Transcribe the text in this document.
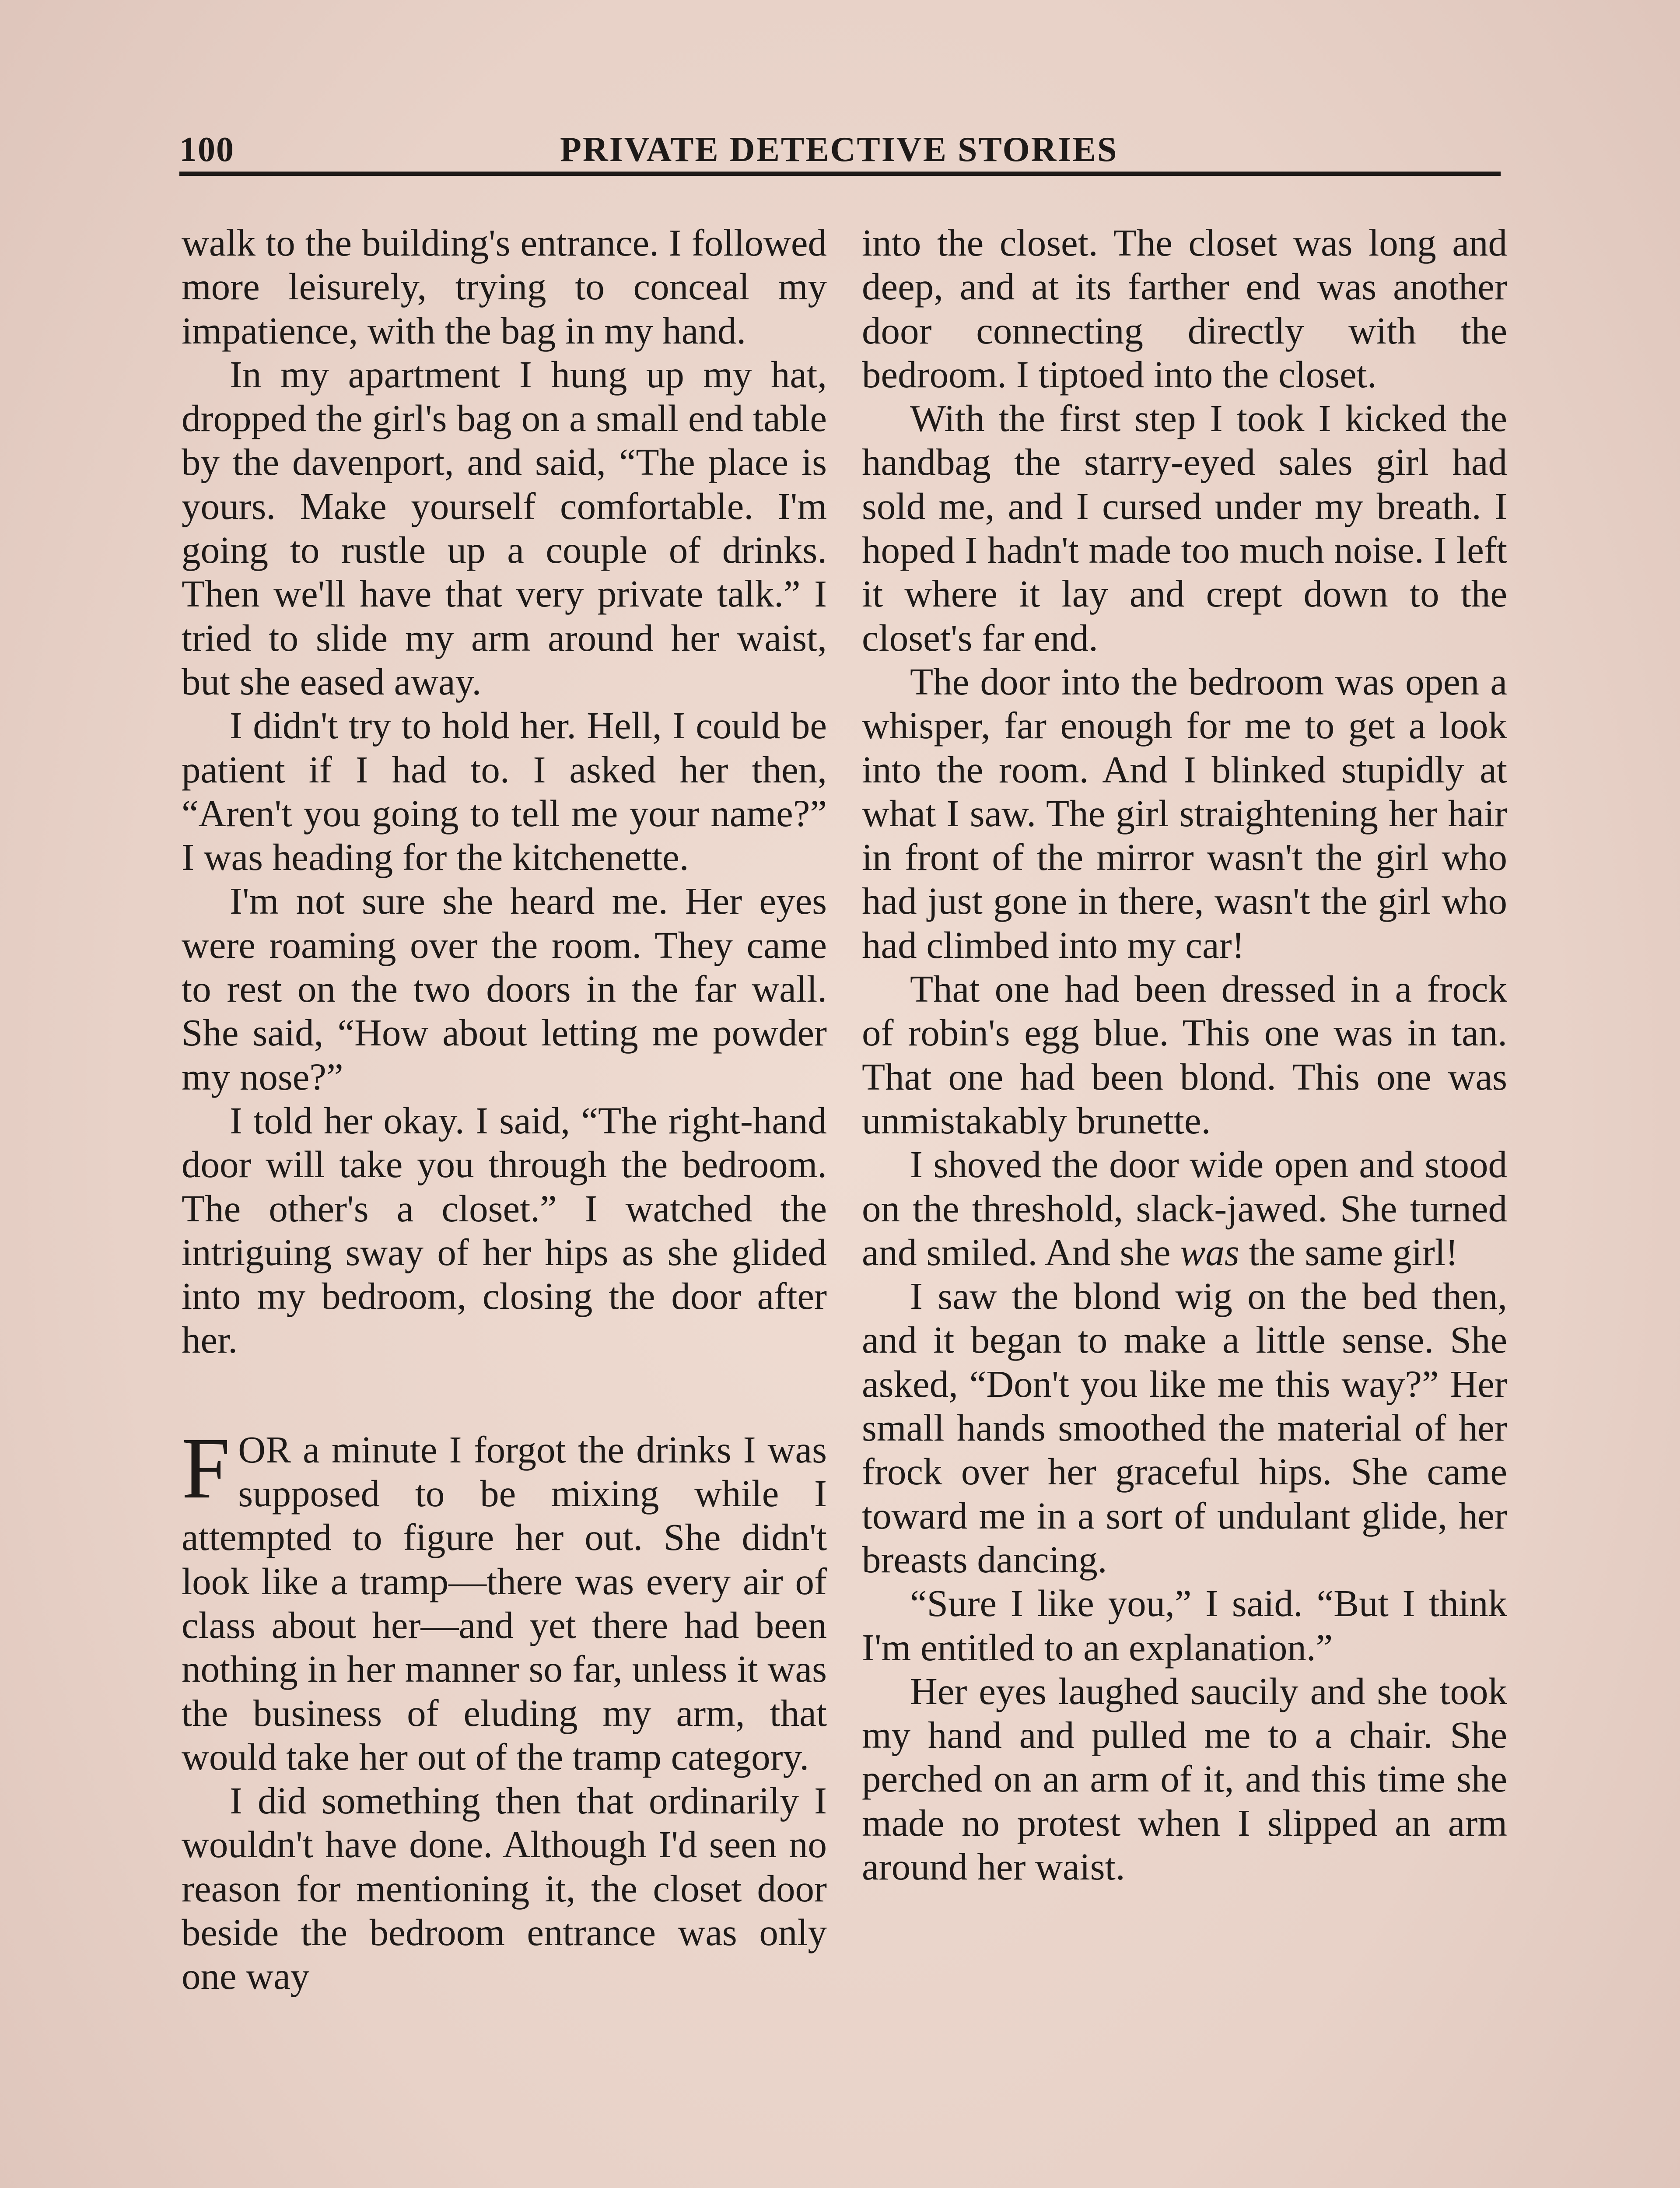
100	PRIVATE DETECTIVE STORIES

walk to the building's entrance. I followed more leisurely, trying to conceal my impatience, with the bag in my hand.

In my apartment I hung up my hat, dropped the girl's bag on a small end table by the davenport, and said, “The place is yours. Make yourself comfortable. I'm going to rustle up a couple of drinks. Then we'll have that very private talk.” I tried to slide my arm around her waist, but she eased away.

I didn't try to hold her. Hell, I could be patient if I had to. I asked her then, “Aren't you going to tell me your name?” I was heading for the kitchenette.

I'm not sure she heard me. Her eyes were roaming over the room. They came to rest on the two doors in the far wall. She said, “How about letting me powder my nose?”

I told her okay. I said, “The right-hand door will take you through the bedroom. The other's a closet.” I watched the intriguing sway of her hips as she glided into my bedroom, closing the door after her.

FOR a minute I forgot the drinks I was supposed to be mixing while I attempted to figure her out. She didn't look like a tramp—there was every air of class about her—and yet there had been nothing in her manner so far, unless it was the business of eluding my arm, that would take her out of the tramp category.

I did something then that ordinarily I wouldn't have done. Although I'd seen no reason for mentioning it, the closet door beside the bedroom entrance was only one way

into the closet. The closet was long and deep, and at its farther end was another door connecting directly with the bedroom. I tiptoed into the closet.

With the first step I took I kicked the handbag the starry-eyed sales girl had sold me, and I cursed under my breath. I hoped I hadn't made too much noise. I left it where it lay and crept down to the closet's far end.

The door into the bedroom was open a whisper, far enough for me to get a look into the room. And I blinked stupidly at what I saw. The girl straightening her hair in front of the mirror wasn't the girl who had just gone in there, wasn't the girl who had climbed into my car!

That one had been dressed in a frock of robin's egg blue. This one was in tan. That one had been blond. This one was unmistakably brunette.

I shoved the door wide open and stood on the threshold, slack-jawed. She turned and smiled. And she was the same girl!

I saw the blond wig on the bed then, and it began to make a little sense. She asked, “Don't you like me this way?” Her small hands smoothed the material of her frock over her graceful hips. She came toward me in a sort of undulant glide, her breasts dancing.

“Sure I like you,” I said. “But I think I'm entitled to an explanation.”

Her eyes laughed saucily and she took my hand and pulled me to a chair. She perched on an arm of it, and this time she made no protest when I slipped an arm around her waist.
